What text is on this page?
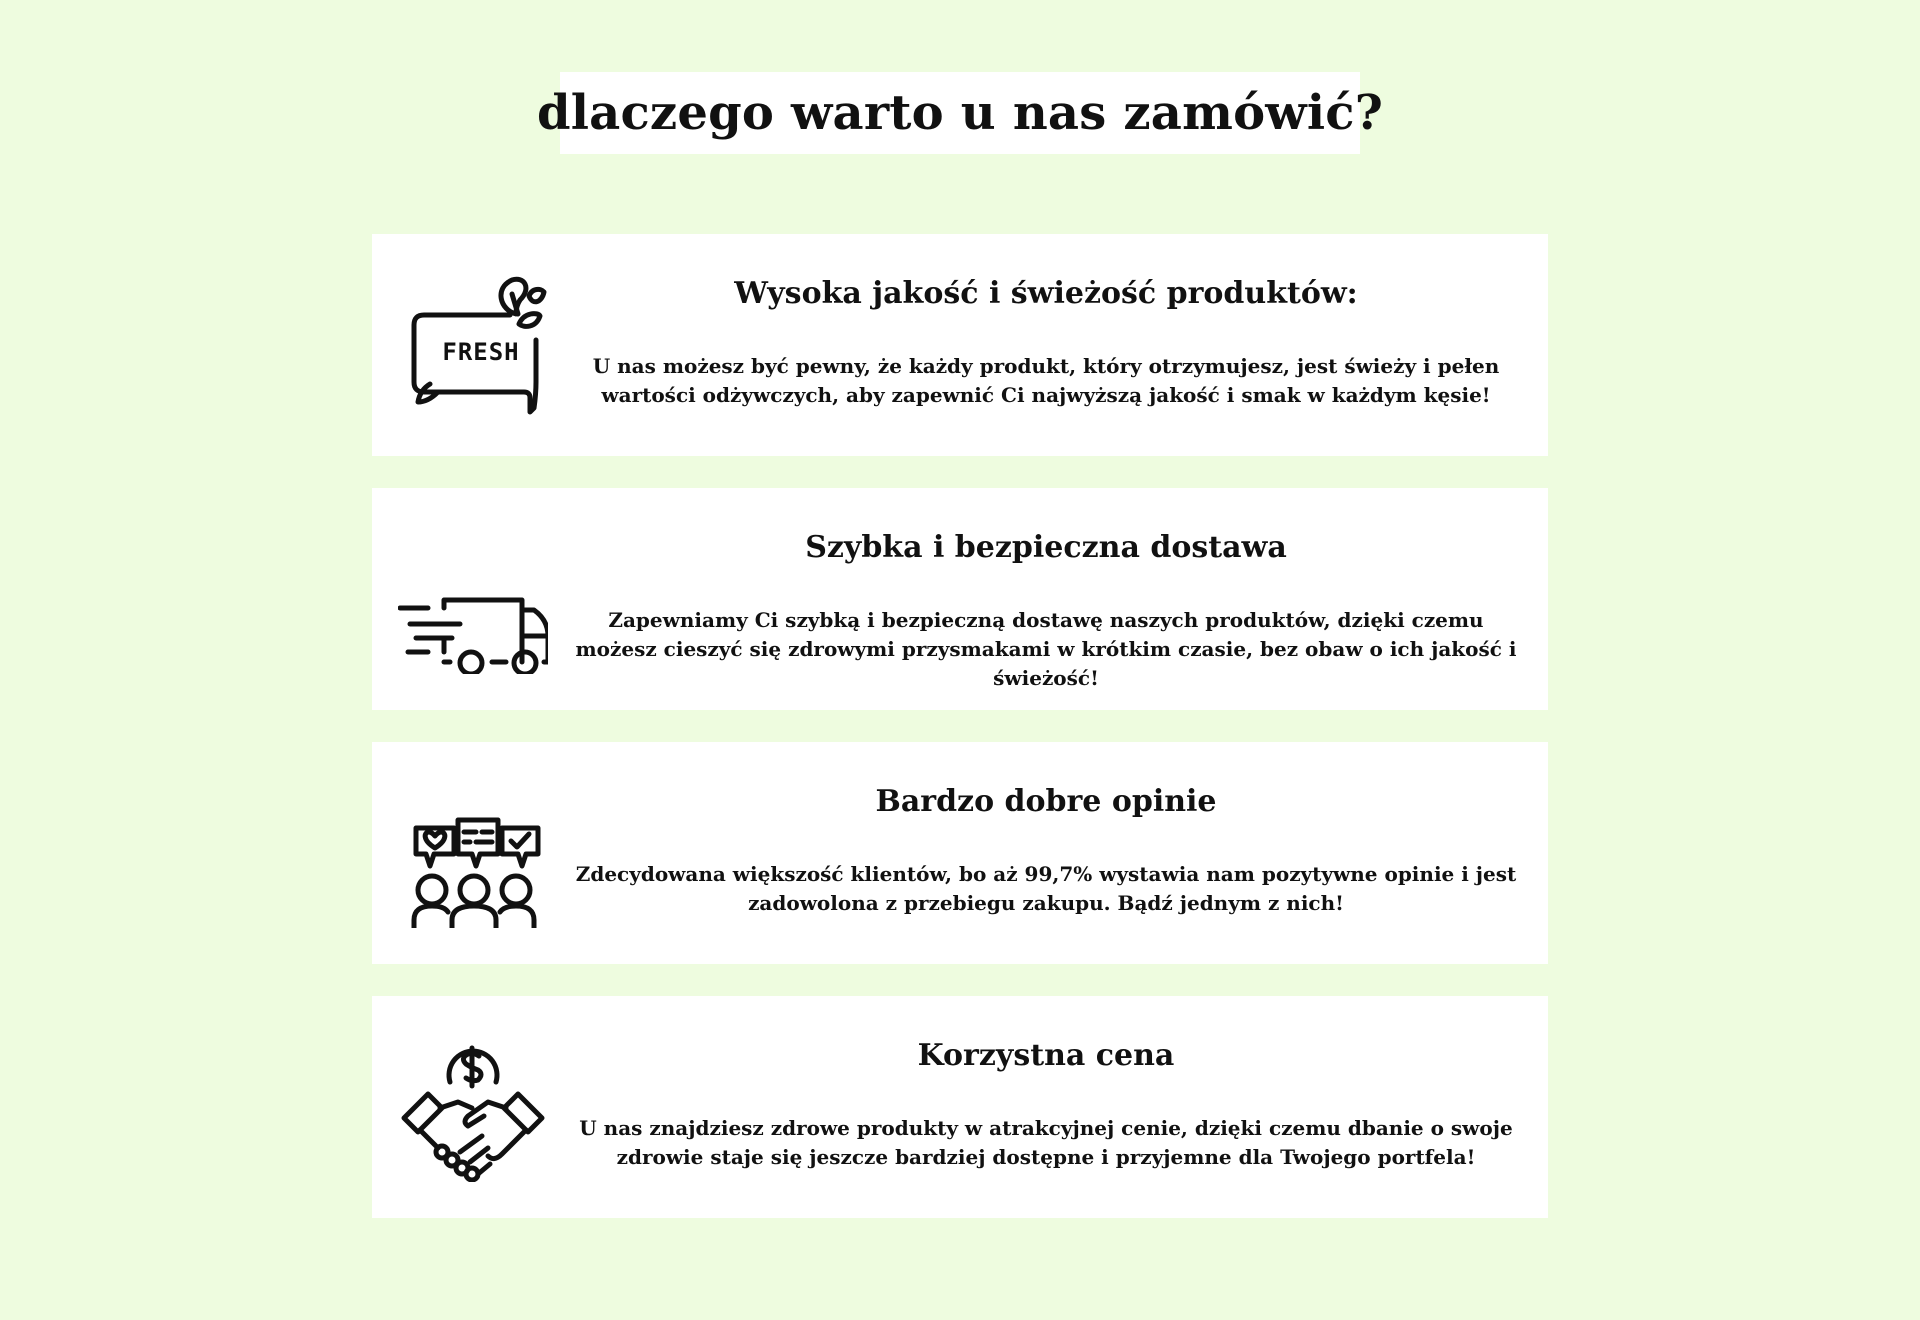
dlaczego warto u nas zamówić?
FRESH
Wysoka jakość i świeżość produktów:

U nas możesz być pewny, że każdy produkt, który otrzymujesz, jest świeży i pełen wartości odżywczych, aby zapewnić Ci najwyższą jakość i smak w każdym kęsie!

Szybka i bezpieczna dostawa

Zapewniamy Ci szybką i bezpieczną dostawę naszych produktów, dzięki czemu możesz cieszyć się zdrowymi przysmakami w krótkim czasie, bez obaw o ich jakość i świeżość!

Bardzo dobre opinie

Zdecydowana większość klientów, bo aż 99,7% wystawia nam pozytywne opinie i jest zadowolona z przebiegu zakupu. Bądź jednym z nich!

Korzystna cena

U nas znajdziesz zdrowe produkty w atrakcyjnej cenie, dzięki czemu dbanie o swoje zdrowie staje się jeszcze bardziej dostępne i przyjemne dla Twojego portfela!
